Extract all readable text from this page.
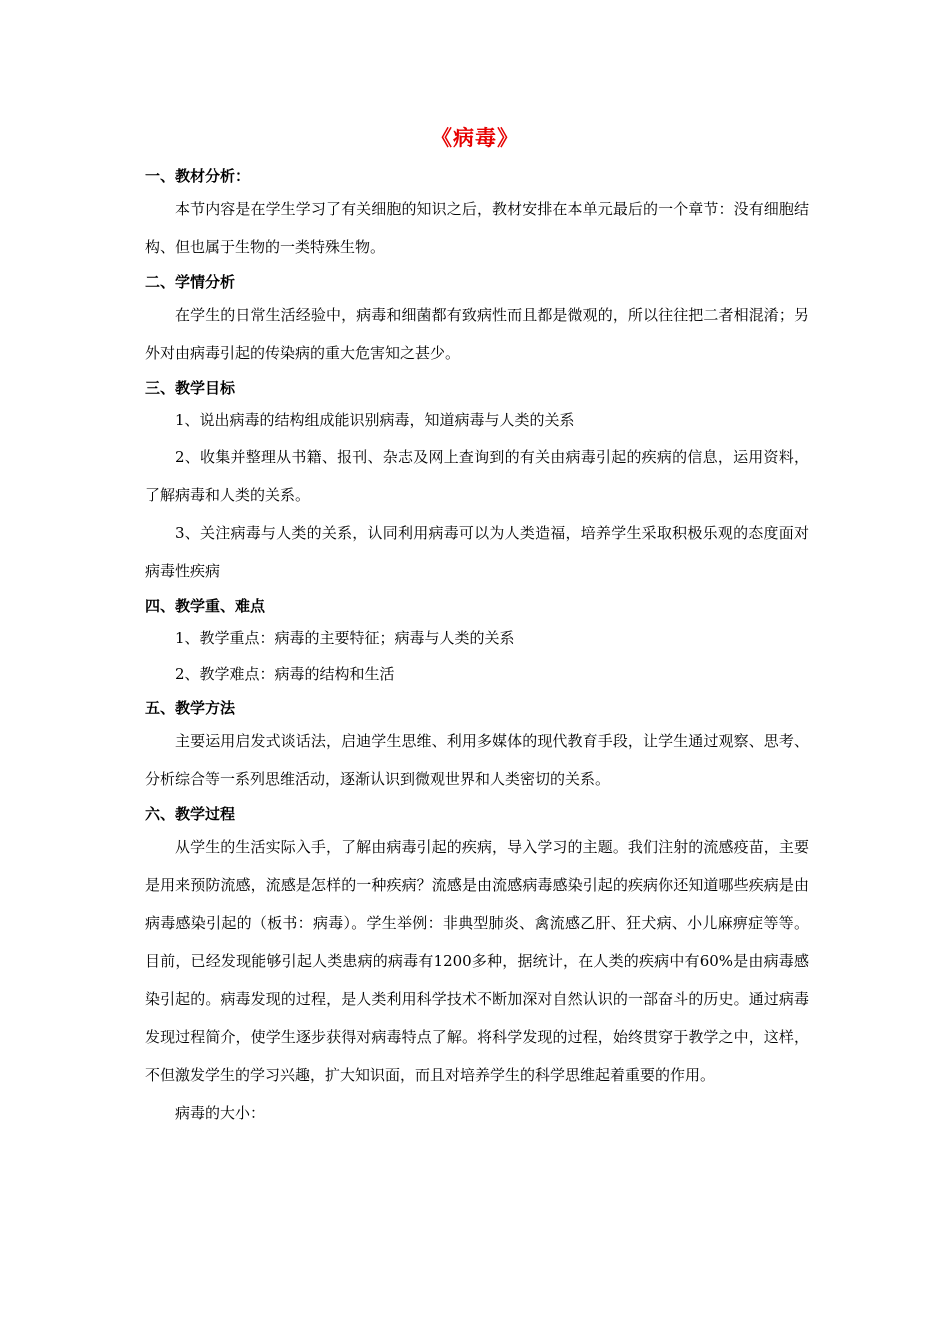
《病毒》
一、教材分析：

本节内容是在学生学习了有关细胞的知识之后，教材安排在本单元最后的一个章节：没有细胞结构、但也属于生物的一类特殊生物。

二、学情分析

在学生的日常生活经验中，病毒和细菌都有致病性而且都是微观的，所以往往把二者相混淆；另外对由病毒引起的传染病的重大危害知之甚少。

三、教学目标

1、说出病毒的结构组成能识别病毒，知道病毒与人类的关系

2、收集并整理从书籍、报刊、杂志及网上查询到的有关由病毒引起的疾病的信息，运用资料，了解病毒和人类的关系。

3、关注病毒与人类的关系，认同利用病毒可以为人类造福，培养学生采取积极乐观的态度面对病毒性疾病

四、教学重、难点

1、教学重点：病毒的主要特征；病毒与人类的关系

2、教学难点：病毒的结构和生活

五、教学方法

主要运用启发式谈话法，启迪学生思维、利用多媒体的现代教育手段，让学生通过观察、思考、分析综合等一系列思维活动，逐渐认识到微观世界和人类密切的关系。

六、教学过程

从学生的生活实际入手，了解由病毒引起的疾病，导入学习的主题。我们注射的流感疫苗，主要是用来预防流感，流感是怎样的一种疾病？流感是由流感病毒感染引起的疾病你还知道哪些疾病是由病毒感染引起的（板书：病毒）。学生举例：非典型肺炎、禽流感乙肝、狂犬病、小儿麻痹症等等。目前，已经发现能够引起人类患病的病毒有1200多种，据统计，在人类的疾病中有60%是由病毒感染引起的。病毒发现的过程，是人类利用科学技术不断加深对自然认识的一部奋斗的历史。通过病毒发现过程简介，使学生逐步获得对病毒特点了解。将科学发现的过程，始终贯穿于教学之中，这样，不但激发学生的学习兴趣，扩大知识面，而且对培养学生的科学思维起着重要的作用。

病毒的大小：
